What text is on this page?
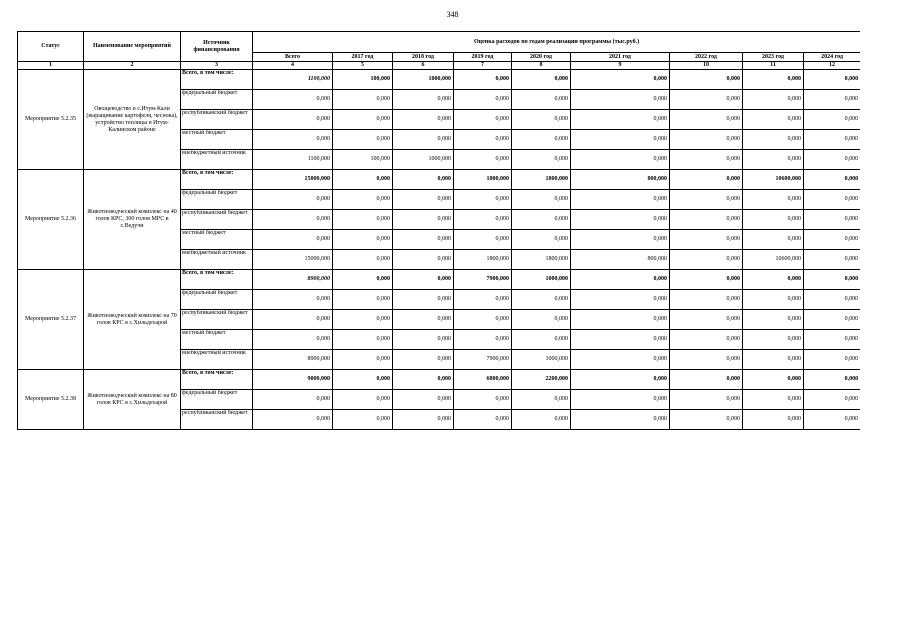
348
Статус	Наименование мероприятий	Источник финансирования	Оценка расходов по годам реализации программы (тыс.руб.)								
			Всего	2017 год	2018 год	2019 год	2020 год	2021 год	2022 год	2023 год	2024 год
1	2	3	4	5	6	7	8	9	10	11	12
Мероприятие 5.2.35	Овощеводство в с.Итум-Кали (выращивание картофеля, чеснока), устройство теплицы в Итум-Калинском районе	Всего, в том числе:	1100,000	100,000	1000,000	0,000	0,000	0,000	0,000	0,000	0,000
		федеральный бюджет	0,000	0,000	0,000	0,000	0,000	0,000	0,000	0,000	0,000
		республиканский бюджет	0,000	0,000	0,000	0,000	0,000	0,000	0,000	0,000	0,000
		местный бюджет	0,000	0,000	0,000	0,000	0,000	0,000	0,000	0,000	0,000
		внебюджетный источник	1100,000	100,000	1000,000	0,000	0,000	0,000	0,000	0,000	0,000
Мероприятие 5.2.36	Животноводческий комплекс на 40 голов КРС, 300 голов МРС в с.Ведучи	Всего, в том числе:	15000,000	0,000	0,000	1800,000	1800,000	800,000	0,000	10600,000	0,000
		федеральный бюджет	0,000	0,000	0,000	0,000	0,000	0,000	0,000	0,000	0,000
		республиканский бюджет	0,000	0,000	0,000	0,000	0,000	0,000	0,000	0,000	0,000
		местный бюджет	0,000	0,000	0,000	0,000	0,000	0,000	0,000	0,000	0,000
		внебюджетный источник	15000,000	0,000	0,000	1800,000	1800,000	800,000	0,000	10600,000	0,000
Мероприятие 5.2.37	Животноводческий комплекс на 70 голов КРС в с.Хильдехарой	Всего, в том числе:	8900,000	0,000	0,000	7900,000	1000,000	0,000	0,000	0,000	0,000
		федеральный бюджет	0,000	0,000	0,000	0,000	0,000	0,000	0,000	0,000	0,000
		республиканский бюджет	0,000	0,000	0,000	0,000	0,000	0,000	0,000	0,000	0,000
		местный бюджет	0,000	0,000	0,000	0,000	0,000	0,000	0,000	0,000	0,000
		внебюджетный источник	8900,000	0,000	0,000	7900,000	1000,000	0,000	0,000	0,000	0,000
Мероприятие 5.2.38	Животноводческий комплекс на 80 голов КРС в с.Хильдехарой	Всего, в том числе:	9000,000	0,000	0,000	6800,000	2200,000	0,000	0,000	0,000	0,000
		федеральный бюджет	0,000	0,000	0,000	0,000	0,000	0,000	0,000	0,000	0,000
		республиканский бюджет	0,000	0,000	0,000	0,000	0,000	0,000	0,000	0,000	0,000
